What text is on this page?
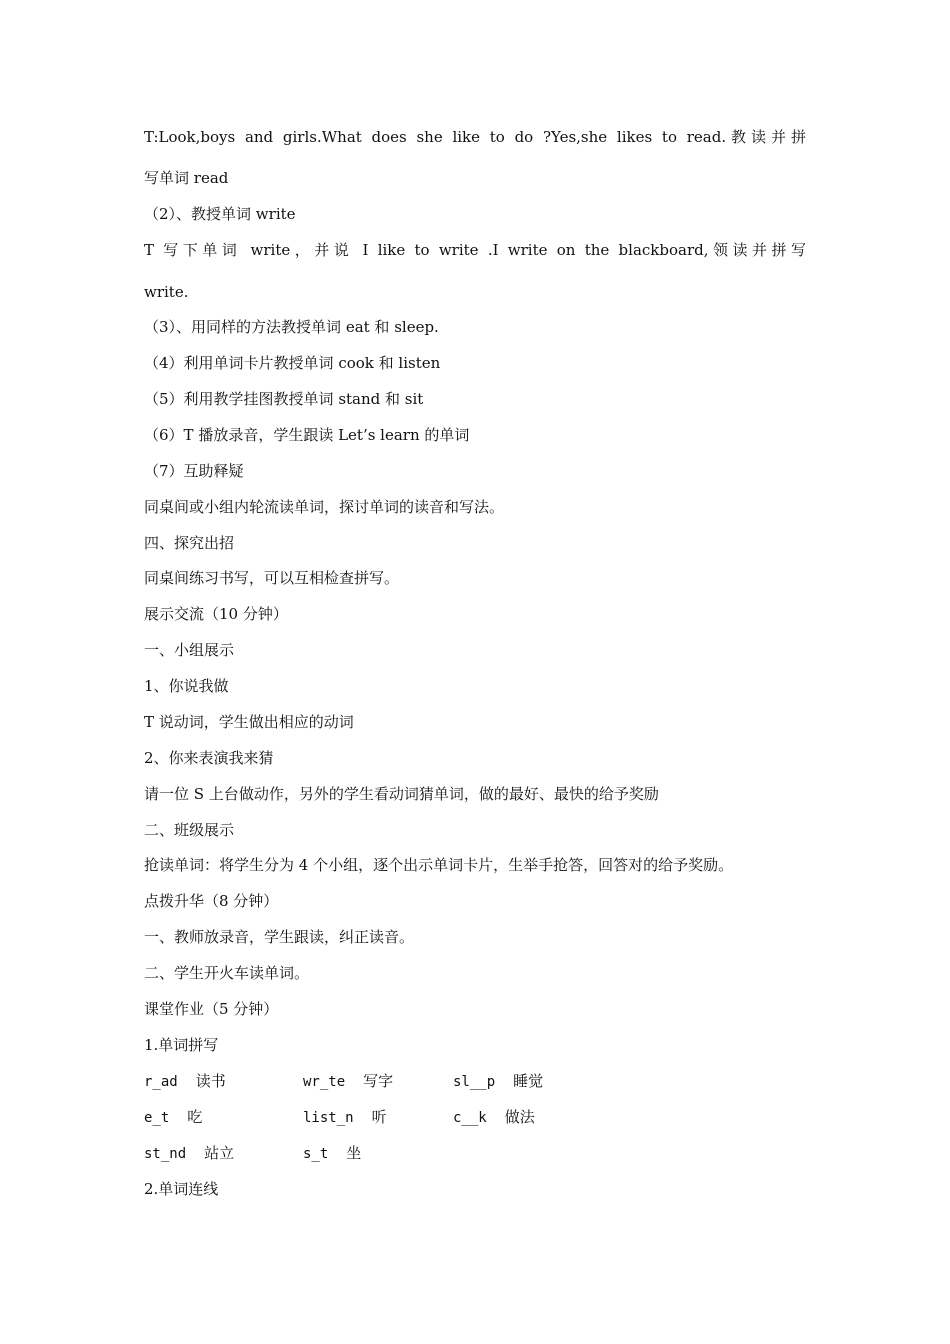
T:Look,boys and girls.What does she like to do ?Yes,she likes to read.教读并拼
写单词 read
（2）、教授单词 write
T 写下单词 write，并说 I like to write .I write on the blackboard,领读并拼写
write.
（3）、用同样的方法教授单词 eat 和 sleep.
（4）利用单词卡片教授单词 cook 和 listen
（5）利用教学挂图教授单词 stand 和 sit
（6）T 播放录音，学生跟读 Let’s learn 的单词
（7）互助释疑
同桌间或小组内轮流读单词，探讨单词的读音和写法。
四、探究出招
同桌间练习书写，可以互相检查拼写。
展示交流（10 分钟）
一、小组展示
1、你说我做
T 说动词，学生做出相应的动词
2、你来表演我来猜
请一位 S 上台做动作，另外的学生看动词猜单词，做的最好、最快的给予奖励
二、班级展示
抢读单词：将学生分为 4 个小组，逐个出示单词卡片，生举手抢答，回答对的给予奖励。
点拨升华（8 分钟）
一、教师放录音，学生跟读，纠正读音。
二、学生开火车读单词。
课堂作业（5 分钟）
1.单词拼写
r_ad 读书	wr_te 写字	sl__p 睡觉
e_t 吃	list_n 听	c__k 做法
st_nd 站立	s_t 坐
2.单词连线
